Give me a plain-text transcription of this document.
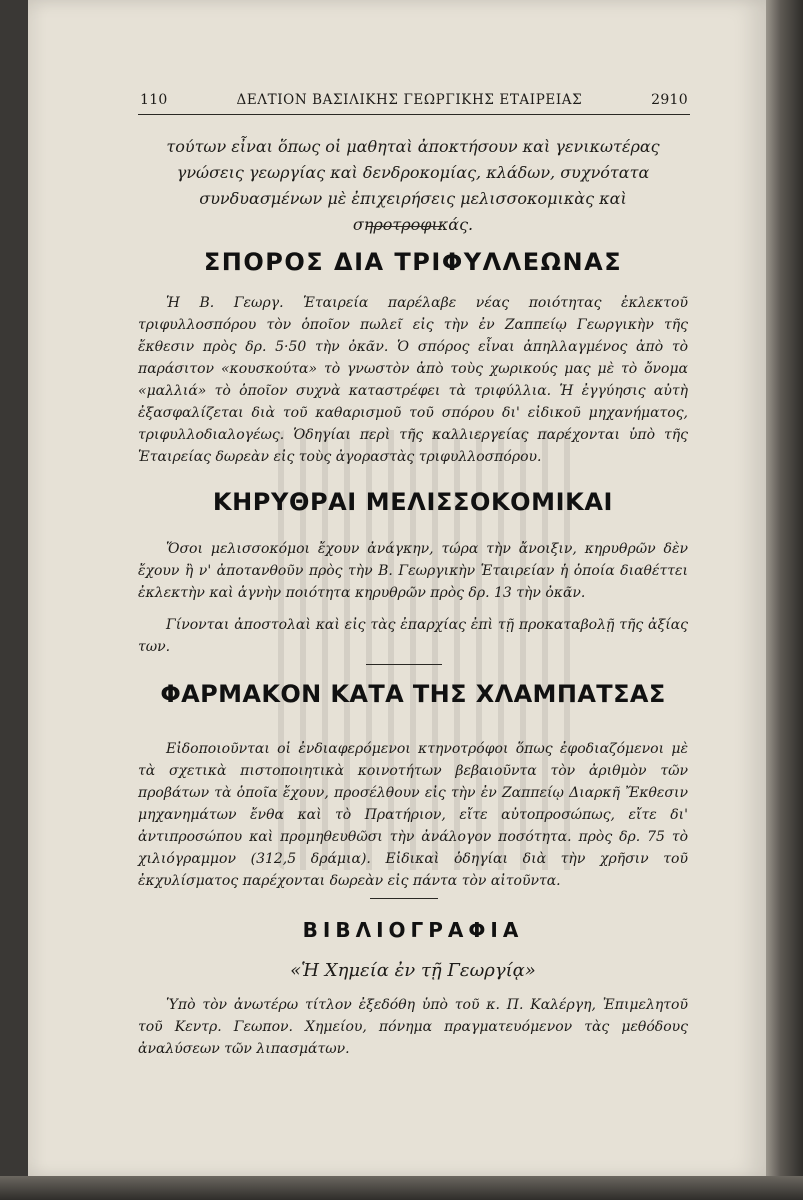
110	ΔΕΛΤΙΟΝ ΒΑΣΙΛΙΚΗΣ ΓΕΩΡΓΙΚΗΣ ΕΤΑΙΡΕΙΑΣ	2910

τούτων εἶναι ὅπως οἱ μαθηταὶ ἀποκτήσουν καὶ γενικωτέρας γνώσεις γεωργίας καὶ δενδροκομίας, κλάδων, συχνότατα συνδυασμένων μὲ ἐπιχειρήσεις μελισσοκομικὰς καὶ σηροτροφικάς.

ΣΠΟΡΟΣ ΔΙΑ ΤΡΙΦΥΛΛΕΩΝΑΣ

Ἡ Β. Γεωργ. Ἑταιρεία παρέλαβε νέας ποιότητας ἐκλεκτοῦ τριφυλλοσπόρου τὸν ὁποῖον πωλεῖ εἰς τὴν ἐν Ζαππείῳ Γεωργικὴν τῆς ἔκθεσιν πρὸς δρ. 5·50 τὴν ὀκᾶν. Ὁ σπόρος εἶναι ἀπηλλαγμένος ἀπὸ τὸ παράσιτον «κουσκούτα» τὸ γνωστὸν ἀπὸ τοὺς χωρικούς μας μὲ τὸ ὄνομα «μαλλιά» τὸ ὁποῖον συχνὰ καταστρέφει τὰ τριφύλλια. Ἡ ἐγγύησις αὐτὴ ἐξασφαλίζεται διὰ τοῦ καθαρισμοῦ τοῦ σπόρου δι' εἰδικοῦ μηχανήματος, τριφυλλοδιαλογέως. Ὁδηγίαι περὶ τῆς καλλιεργείας παρέχονται ὑπὸ τῆς Ἑταιρείας δωρεὰν εἰς τοὺς ἀγοραστὰς τριφυλλοσπόρου.

ΚΗΡΥΘΡΑΙ ΜΕΛΙΣΣΟΚΟΜΙΚΑΙ

Ὅσοι μελισσοκόμοι ἔχουν ἀνάγκην, τώρα τὴν ἄνοιξιν, κηρυθρῶν δὲν ἔχουν ἢ ν' ἀποτανθοῦν πρὸς τὴν Β. Γεωργικὴν Ἑταιρείαν ἡ ὁποία διαθέττει ἐκλεκτὴν καὶ ἁγνὴν ποιότητα κηρυθρῶν πρὸς δρ. 13 τὴν ὀκᾶν.

Γίνονται ἀποστολαὶ καὶ εἰς τὰς ἐπαρχίας ἐπὶ τῇ προκαταβολῇ τῆς ἀξίας των.

ΦΑΡΜΑΚΟΝ ΚΑΤΑ ΤΗΣ ΧΛΑΜΠΑΤΣΑΣ

Εἰδοποιοῦνται οἱ ἐνδιαφερόμενοι κτηνοτρόφοι ὅπως ἐφοδιαζόμενοι μὲ τὰ σχετικὰ πιστοποιητικὰ κοινοτήτων βεβαιοῦντα τὸν ἀριθμὸν τῶν προβάτων τὰ ὁποῖα ἔχουν, προσέλθουν εἰς τὴν ἐν Ζαππείῳ Διαρκῆ Ἔκθεσιν μηχανημάτων ἔνθα καὶ τὸ Πρατήριον, εἴτε αὐτοπροσώπως, εἴτε δι' ἀντιπροσώπου καὶ προμηθευθῶσι τὴν ἀνάλογον ποσότητα. πρὸς δρ. 75 τὸ χιλιόγραμμον (312,5 δράμια). Εἰδικαὶ ὁδηγίαι διὰ τὴν χρῆσιν τοῦ ἐκχυλίσματος παρέχονται δωρεὰν εἰς πάντα τὸν αἰτοῦντα.

ΒΙΒΛΙΟΓΡΑΦΙΑ

«Ἡ Χημεία ἐν τῇ Γεωργίᾳ»

Ὑπὸ τὸν ἀνωτέρω τίτλον ἐξεδόθη ὑπὸ τοῦ κ. Π. Καλέργη, Ἐπιμελητοῦ τοῦ Κεντρ. Γεωπον. Χημείου, πόνημα πραγματευόμενον τὰς μεθόδους ἀναλύσεων τῶν λιπασμάτων.
